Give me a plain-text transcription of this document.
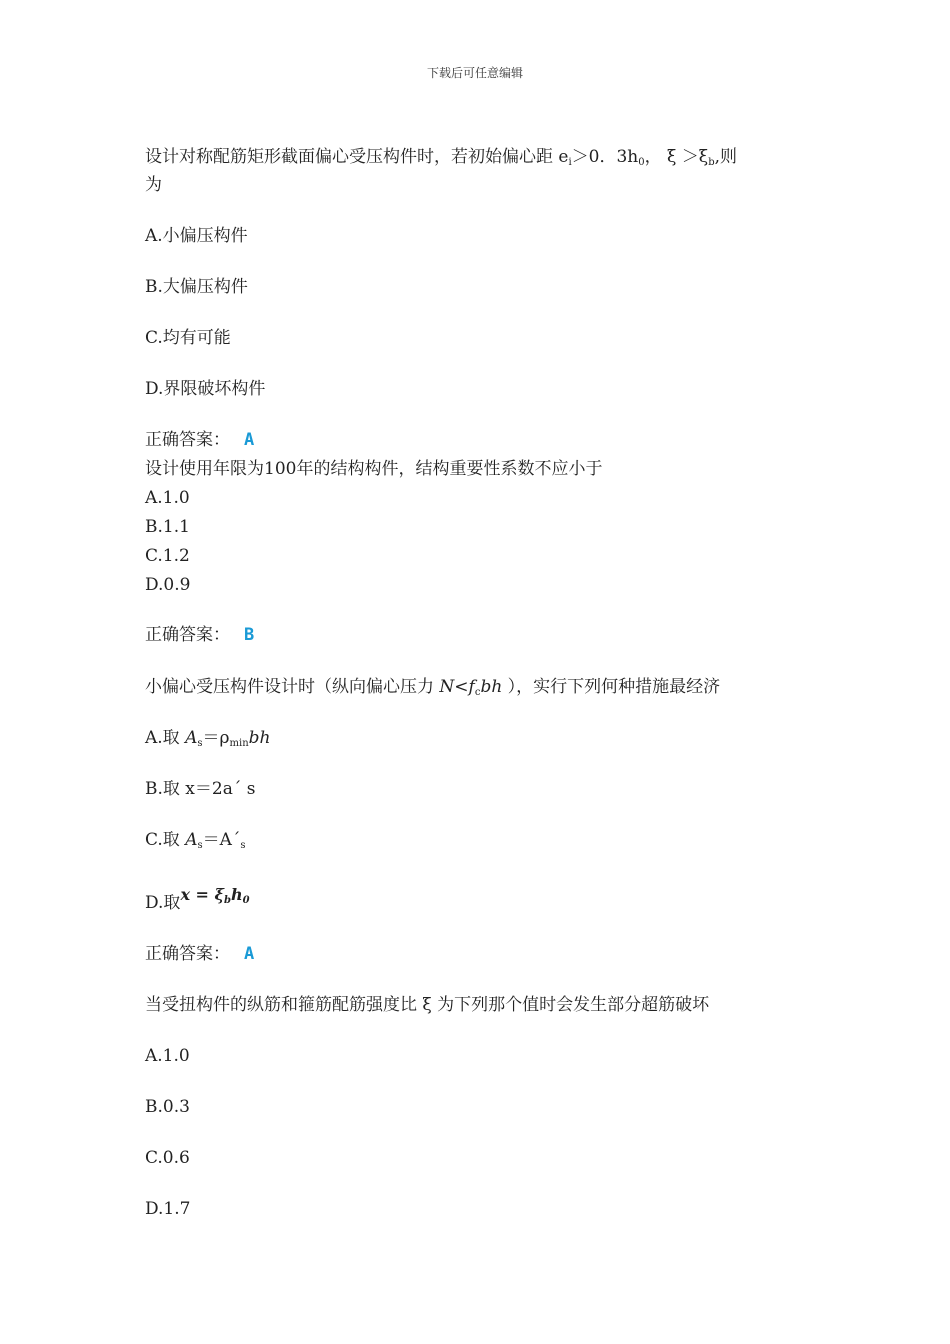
下载后可任意编辑
设计对称配筋矩形截面偏心受压构件时，若初始偏心距 $e_i>0$．$3h_0$， $\xi >\xi_b$,则
为
A.小偏压构件
B.大偏压构件
C.均有可能
D.界限破坏构件
正确答案： A
设计使用年限为100年的结构构件，结构重要性系数不应小于
A.1.0
B.1.1
C.1.2
D.0.9
正确答案： B
小偏心受压构件设计时（纵向偏心压力 $N<f_cbh$ ），实行下列何种措施最经济
A.取 $A_s=\rho_{min}bh$
B.取 x＝2a´ s
C.取 $A_s=A´_s$
D.取$x = \xi_bh_0$
正确答案： A
当受扭构件的纵筋和箍筋配筋强度比 ξ 为下列那个值时会发生部分超筋破坏
A.1.0
B.0.3
C.0.6
D.1.7
